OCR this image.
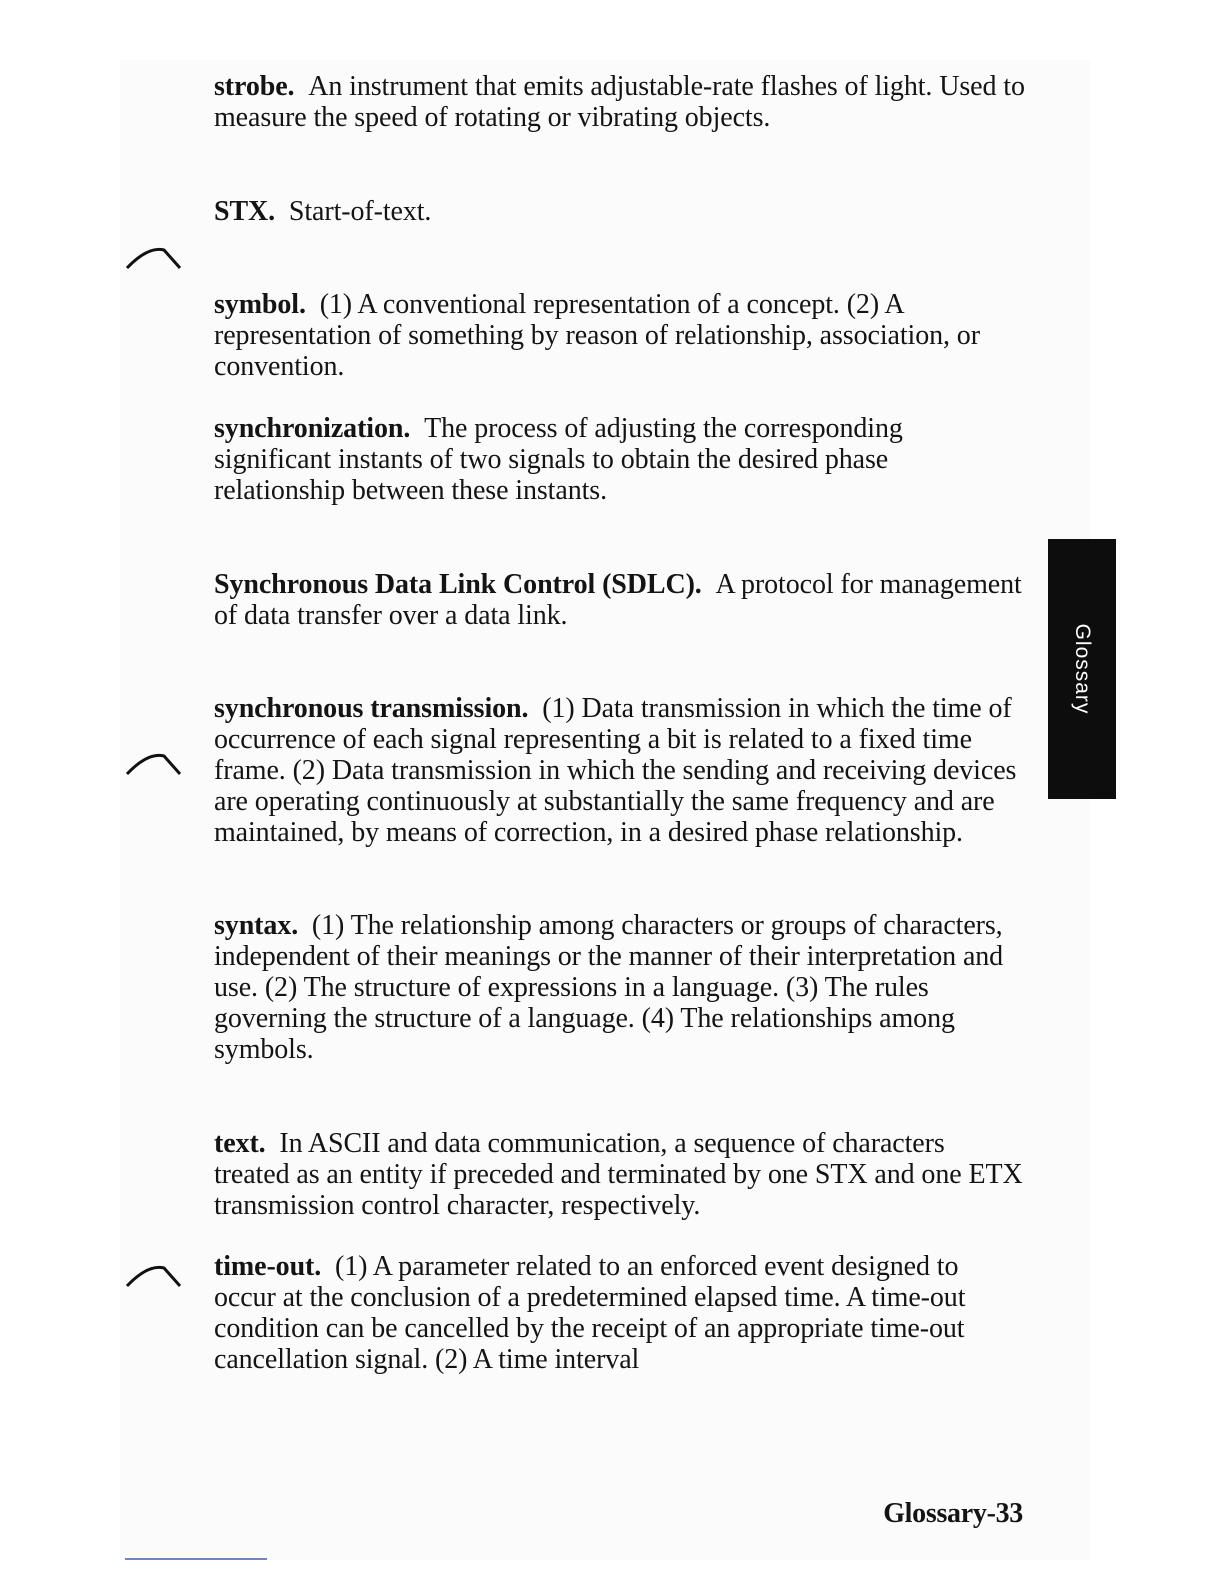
strobe. An instrument that emits adjustable-rate flashes of light. Used to measure the speed of rotating or vibrating objects.

STX. Start-of-text.

symbol. (1) A conventional representation of a concept. (2) A representation of something by reason of relationship, association, or convention.

synchronization. The process of adjusting the corresponding significant instants of two signals to obtain the desired phase relationship between these instants.

Synchronous Data Link Control (SDLC). A protocol for management of data transfer over a data link.

synchronous transmission. (1) Data transmission in which the time of occurrence of each signal representing a bit is related to a fixed time frame. (2) Data transmission in which the sending and receiving devices are operating continuously at substantially the same frequency and are maintained, by means of correction, in a desired phase relationship.

syntax. (1) The relationship among characters or groups of characters, independent of their meanings or the manner of their interpretation and use. (2) The structure of expressions in a language. (3) The rules governing the structure of a language. (4) The relationships among symbols.

text. In ASCII and data communication, a sequence of characters treated as an entity if preceded and terminated by one STX and one ETX transmission control character, respectively.

time-out. (1) A parameter related to an enforced event designed to occur at the conclusion of a predetermined elapsed time. A time-out condition can be cancelled by the receipt of an appropriate time-out cancellation signal. (2) A time interval

Glossary

Glossary-33
